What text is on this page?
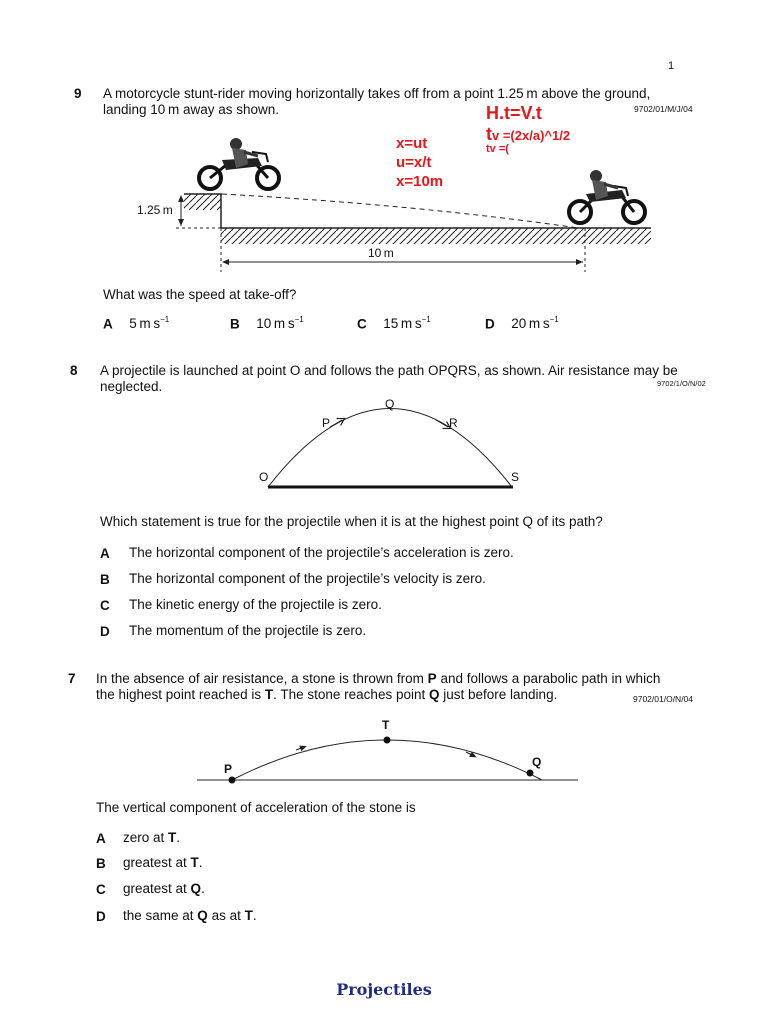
1
9 A motorcycle stunt-rider moving horizontally takes off from a point 1.25 m above the ground,
landing 10 m away as shown.	9702/01/M/J/04
H.t=V.t
tv =(2x/a)^1/2
tv =(
x=ut
u=x/t
x=10m
1.25 m
10 m
What was the speed at take-off?
A 5 m $s^{-1}$	B 10 m $s^{-1}$	C 15 m $s^{-1}$	D 20 m $s^{-1}$
8 A projectile is launched at point O and follows the path OPQRS, as shown. Air resistance may be
neglected.	9702/1/O/N/02
Q
P	R
O	S
Which statement is true for the projectile when it is at the highest point Q of its path?
A The horizontal component of the projectile’s acceleration is zero.
B The horizontal component of the projectile’s velocity is zero.
C The kinetic energy of the projectile is zero.
D The momentum of the projectile is zero.
7 In the absence of air resistance, a stone is thrown from P and follows a parabolic path in which
the highest point reached is T. The stone reaches point Q just before landing.	9702/01/O/N/04
T
P	Q
The vertical component of acceleration of the stone is
A zero at T.
B greatest at T.
C greatest at Q.
D the same at Q as at T.
Projectiles
